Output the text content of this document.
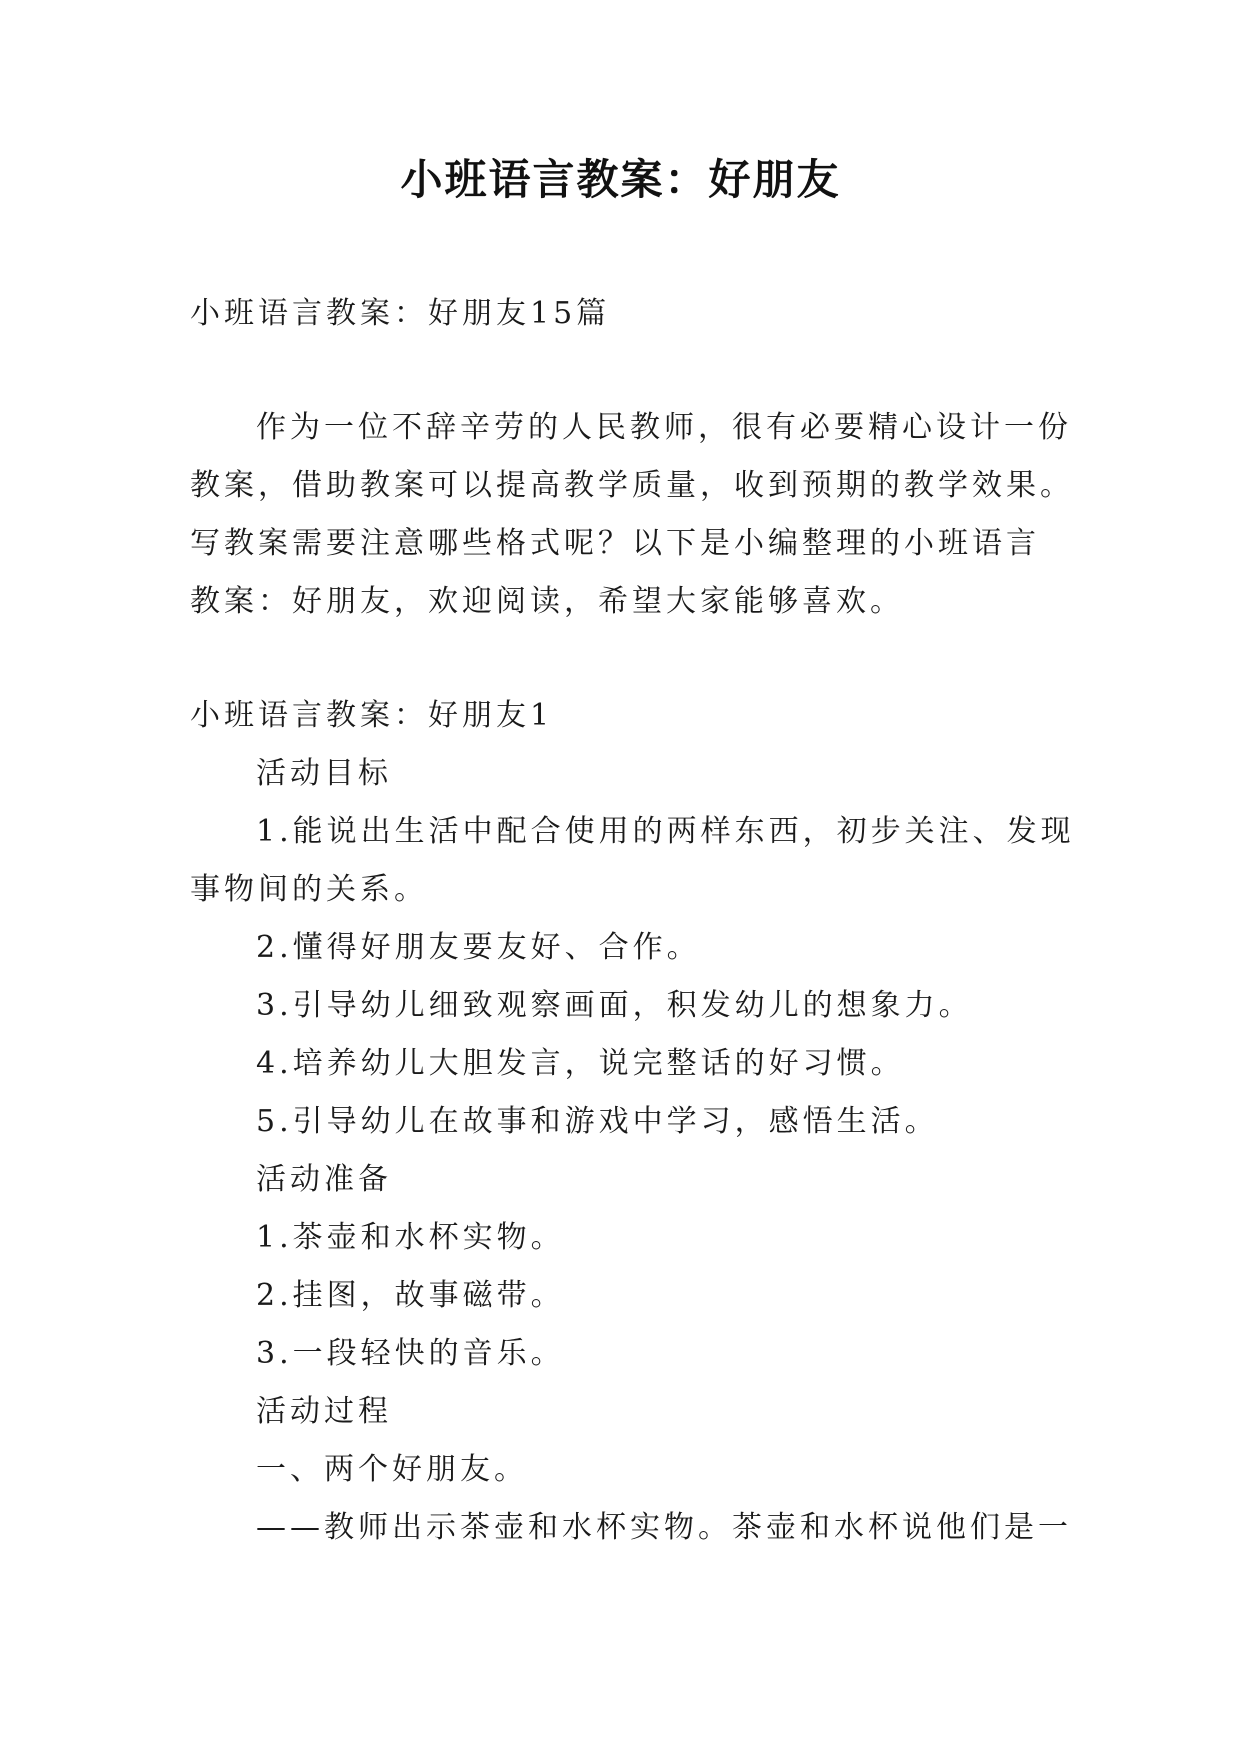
小班语言教案：好朋友
小班语言教案：好朋友15篇
作为一位不辞辛劳的人民教师，很有必要精心设计一份
教案，借助教案可以提高教学质量，收到预期的教学效果。
写教案需要注意哪些格式呢？以下是小编整理的小班语言
教案：好朋友，欢迎阅读，希望大家能够喜欢。
小班语言教案：好朋友1
活动目标
1.能说出生活中配合使用的两样东西，初步关注、发现
事物间的关系。
2.懂得好朋友要友好、合作。
3.引导幼儿细致观察画面，积发幼儿的想象力。
4.培养幼儿大胆发言，说完整话的好习惯。
5.引导幼儿在故事和游戏中学习，感悟生活。
活动准备
1.茶壶和水杯实物。
2.挂图，故事磁带。
3.一段轻快的音乐。
活动过程
一、两个好朋友。
——教师出示茶壶和水杯实物。茶壶和水杯说他们是一
